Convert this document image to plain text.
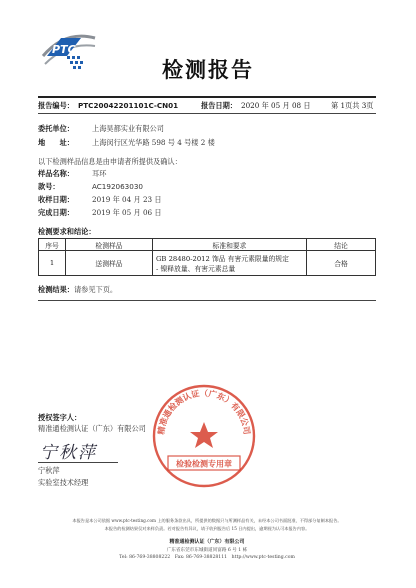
PTC
检测报告
报告编号： PTC20042201101C-CN01	报告日期： 2020 年 05 月 08 日	第 1页共 3页
委托单位：	上海昊都实业有限公司
地　　址：	上海闵行区光华路 598 号 4 号楼 2 楼
以下检测样品信息是由申请者所提供及确认：
样品名称：	耳环
款号：	AC192063030
收样日期：	2019 年 04 月 23 日
完成日期：	2019 年 05 月 06 日
检测要求和结论：
序号	检测样品	标准和要求	结论
1	送测样品	GB 28480-2012 饰品 有害元素限量的规定
- 镍释放量、有害元素总量	合格
检测结果：请参见下页。
授权签字人：
精准通检测认证（广东）有限公司
宁秋萍
宁秋萍
实验室技术经理
精准通检测认证（广东）有限公司
检验检测专用章
本报告是本公司依据 www.ptc-testing.com 上的服务条款出具，所提供的数据只与所测样品有关，未经本公司书面批准，不得部分复制本报告。
本报告的检测结果仅对来样负责。若对报告有异议，请于收到报告后 15 日内提出，逾期视为认可本报告内容。
精准通检测认证（广东）有限公司
广东省东莞市东城街道同富路 6 号 1 栋
Tel: 86-769-38808222　Fax: 86-769-38828111　http://www.ptc-testing.com
